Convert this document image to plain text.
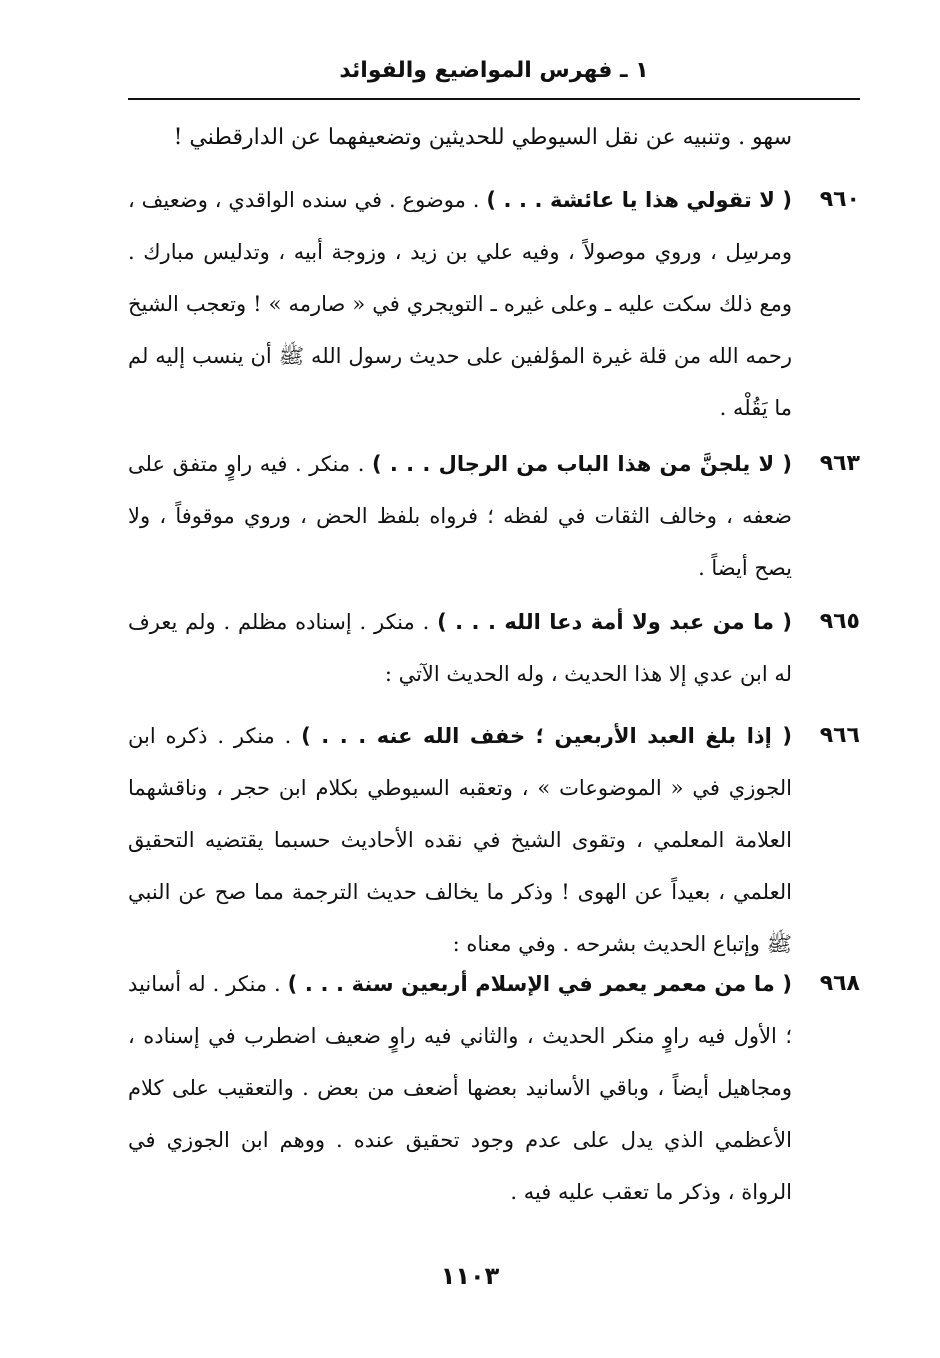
١ ـ فهرس المواضيع والفوائد
سهو . وتنبيه عن نقل السيوطي للحديثين وتضعيفهما عن الدارقطني !
٩٦٠
( لا تقولي هذا يا عائشة . . . ) . موضوع . في سنده الواقدي ، وضعيف ، ومرسِل ، وروي موصولاً ، وفيه علي بن زيد ، وزوجة أبيه ، وتدليس مبارك . ومع ذلك سكت عليه ـ وعلى غيره ـ التويجري في « صارمه » ! وتعجب الشيخ رحمه الله من قلة غيرة المؤلفين على حديث رسول الله ﷺ أن ينسب إليه لم ما يَقُلْه .
٩٦٣
( لا يلجنَّ من هذا الباب من الرجال . . . ) . منكر . فيه راوٍ متفق على ضعفه ، وخالف الثقات في لفظه ؛ فرواه بلفظ الحض ، وروي موقوفاً ، ولا يصح أيضاً .
٩٦٥
( ما من عبد ولا أمة دعا الله . . . ) . منكر . إسناده مظلم . ولم يعرف له ابن عدي إلا هذا الحديث ، وله الحديث الآتي :
٩٦٦
( إذا بلغ العبد الأربعين ؛ خفف الله عنه . . . ) . منكر . ذكره ابن الجوزي في « الموضوعات » ، وتعقبه السيوطي بكلام ابن حجر ، وناقشهما العلامة المعلمي ، وتقوى الشيخ في نقده الأحاديث حسبما يقتضيه التحقيق العلمي ، بعيداً عن الهوى ! وذكر ما يخالف حديث الترجمة مما صح عن النبي ﷺ وإتباع الحديث بشرحه . وفي معناه :
٩٦٨
( ما من معمر يعمر في الإسلام أربعين سنة . . . ) . منكر . له أسانيد ؛ الأول فيه راوٍ منكر الحديث ، والثاني فيه راوٍ ضعيف اضطرب في إسناده ، ومجاهيل أيضاً ، وباقي الأسانيد بعضها أضعف من بعض . والتعقيب على كلام الأعظمي الذي يدل على عدم وجود تحقيق عنده . ووهم ابن الجوزي في الرواة ، وذكر ما تعقب عليه فيه .
١١٠٣
